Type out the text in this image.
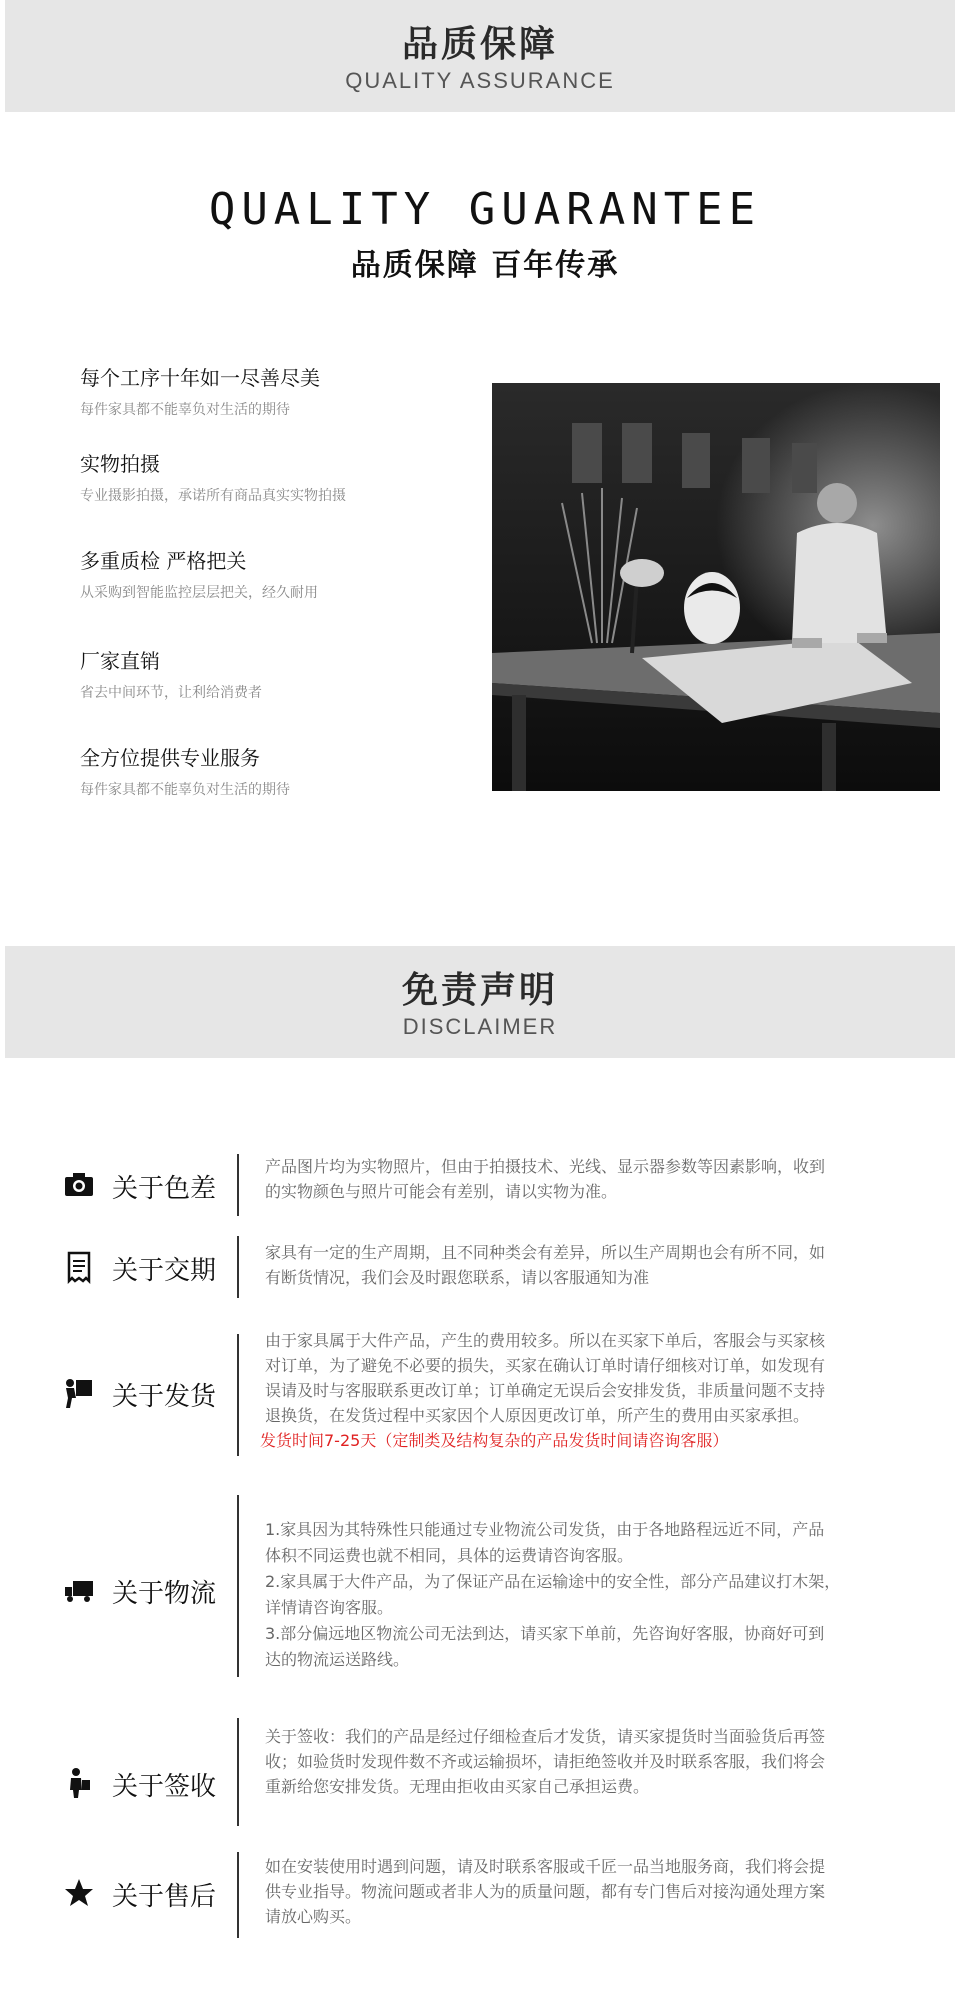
品质保障
QUALITY ASSURANCE
QUALITY GUARANTEE
品质保障 百年传承
每个工序十年如一尽善尽美
每件家具都不能辜负对生活的期待
实物拍摄
专业摄影拍摄，承诺所有商品真实实物拍摄
多重质检 严格把关
从采购到智能监控层层把关，经久耐用
厂家直销
省去中间环节，让利给消费者
全方位提供专业服务
每件家具都不能辜负对生活的期待
免责声明
DISCLAIMER
关于色差

产品图片均为实物照片，但由于拍摄技术、光线、显示器参数等因素影响，收到

的实物颜色与照片可能会有差别，请以实物为准。

关于交期

家具有一定的生产周期，且不同种类会有差异，所以生产周期也会有所不同，如

有断货情况，我们会及时跟您联系，请以客服通知为准

关于发货

由于家具属于大件产品，产生的费用较多。所以在买家下单后，客服会与买家核

对订单，为了避免不必要的损失，买家在确认订单时请仔细核对订单，如发现有

误请及时与客服联系更改订单；订单确定无误后会安排发货，非质量问题不支持

退换货，在发货过程中买家因个人原因更改订单，所产生的费用由买家承担。

发货时间7-25天（定制类及结构复杂的产品发货时间请咨询客服）
关于物流

1.家具因为其特殊性只能通过专业物流公司发货，由于各地路程远近不同，产品

体积不同运费也就不相同，具体的运费请咨询客服。

2.家具属于大件产品，为了保证产品在运输途中的安全性，部分产品建议打木架，

详情请咨询客服。

3.部分偏远地区物流公司无法到达，请买家下单前，先咨询好客服，协商好可到

达的物流运送路线。

关于签收

关于签收：我们的产品是经过仔细检查后才发货，请买家提货时当面验货后再签

收；如验货时发现件数不齐或运输损坏，请拒绝签收并及时联系客服，我们将会

重新给您安排发货。无理由拒收由买家自己承担运费。

关于售后

如在安装使用时遇到问题，请及时联系客服或千匠一品当地服务商，我们将会提

供专业指导。物流问题或者非人为的质量问题，都有专门售后对接沟通处理方案

请放心购买。
